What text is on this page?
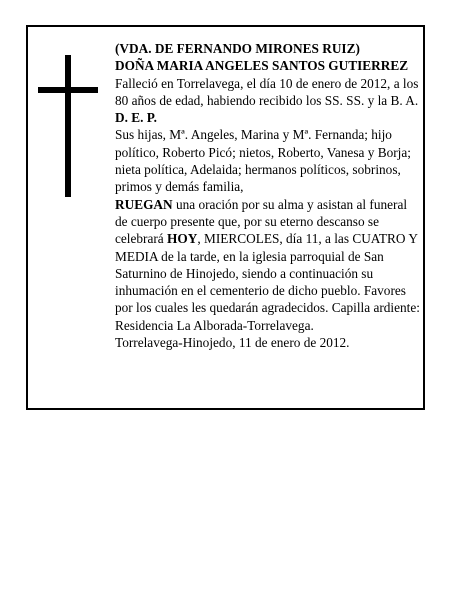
(VDA. DE FERNANDO MIRONES RUIZ)

DOÑA MARIA ANGELES SANTOS GUTIERREZ

Falleció en Torrelavega, el día 10 de enero de 2012, a los 80 años de edad, habiendo recibido los SS. SS. y la B. A.

D. E. P.

Sus hijas, Mª. Angeles, Marina y Mª. Fernanda; hijo político, Roberto Picó; nietos, Roberto, Vanesa y Borja; nieta política, Adelaida; hermanos políticos, sobrinos, primos y demás familia,

RUEGAN una oración por su alma y asistan al funeral de cuerpo presente que, por su eterno descanso se celebrará HOY, MIERCOLES, día 11, a las CUATRO Y MEDIA de la tarde, en la iglesia parroquial de San Saturnino de Hinojedo, siendo a continuación su inhumación en el cementerio de dicho pueblo. Favores por los cuales les quedarán agradecidos. Capilla ardiente: Residencia La Alborada-Torrelavega.

Torrelavega-Hinojedo, 11 de enero de 2012.
